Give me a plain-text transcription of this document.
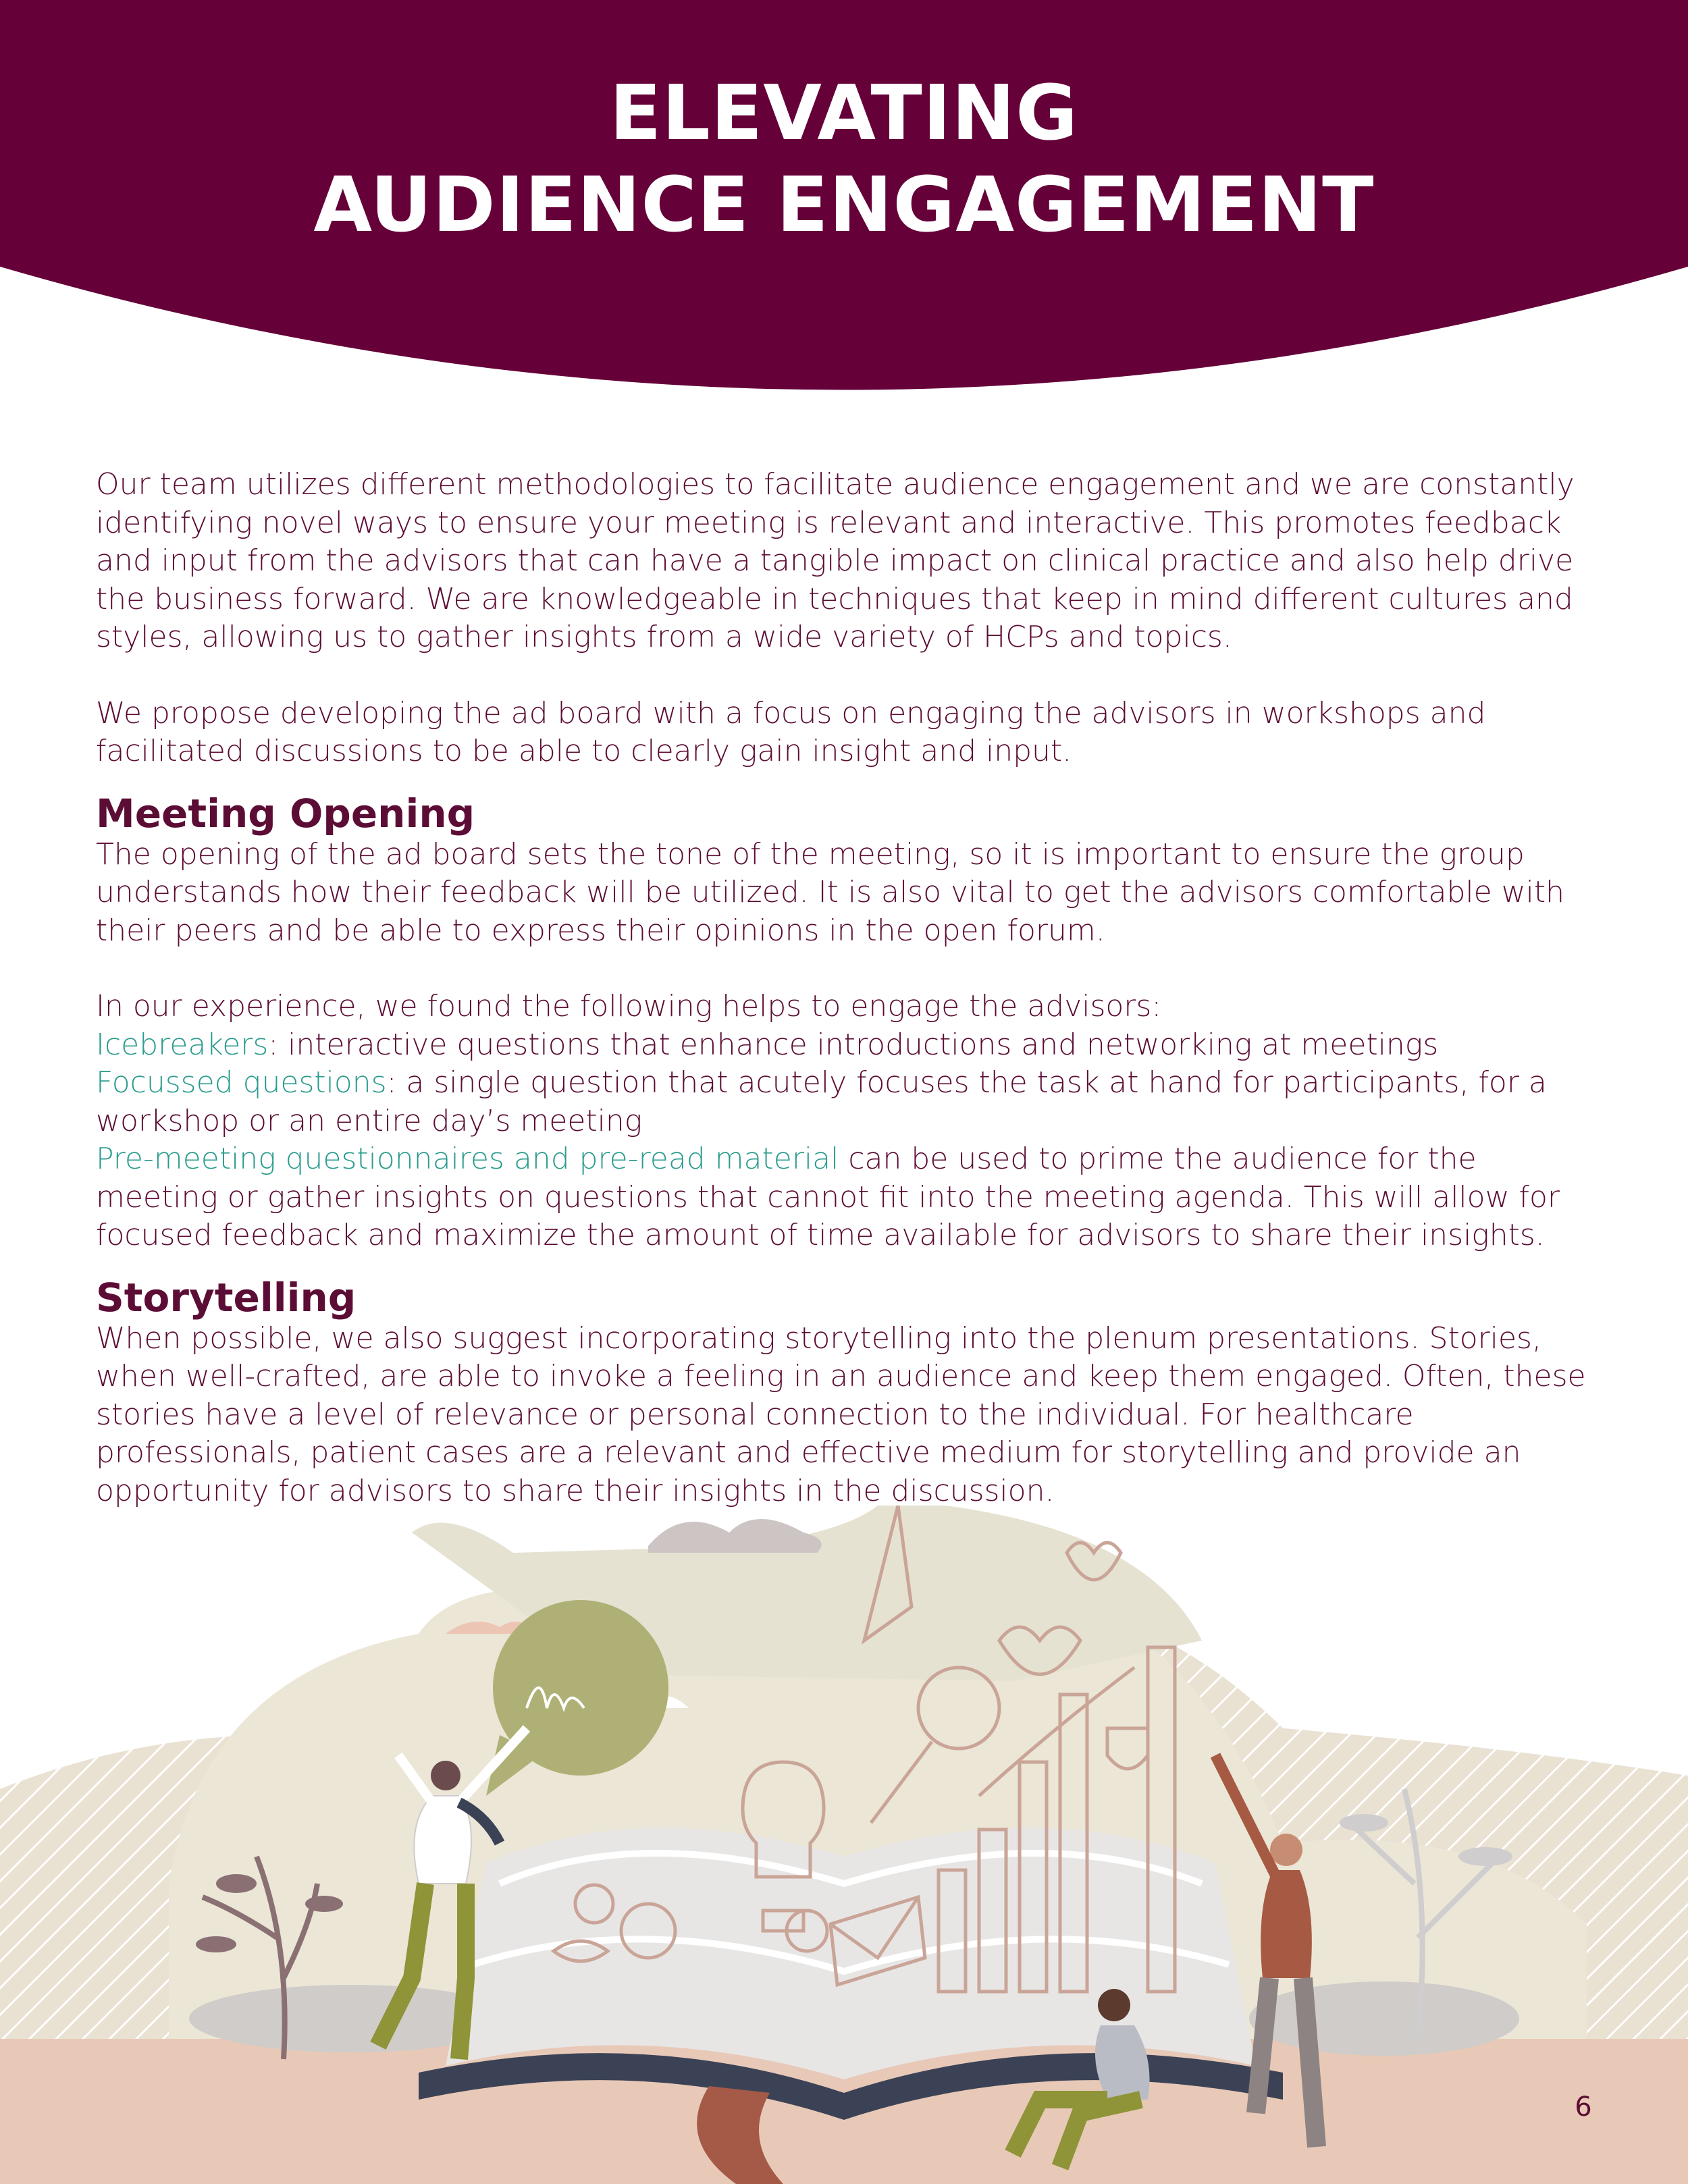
ELEVATING
AUDIENCE ENGAGEMENT

Our team utilizes different methodologies to facilitate audience engagement and we are constantly identifying novel ways to ensure your meeting is relevant and interactive. This promotes feedback and input from the advisors that can have a tangible impact on clinical practice and also help drive the business forward. We are knowledgeable in techniques that keep in mind different cultures and styles, allowing us to gather insights from a wide variety of HCPs and topics.

We propose developing the ad board with a focus on engaging the advisors in workshops and facilitated discussions to be able to clearly gain insight and input.

Meeting Opening

The opening of the ad board sets the tone of the meeting, so it is important to ensure the group understands how their feedback will be utilized. It is also vital to get the advisors comfortable with their peers and be able to express their opinions in the open forum.

In our experience, we found the following helps to engage the advisors:

Icebreakers: interactive questions that enhance introductions and networking at meetings

Focussed questions: a single question that acutely focuses the task at hand for participants, for a workshop or an entire day’s meeting

Pre-meeting questionnaires and pre-read material can be used to prime the audience for the meeting or gather insights on questions that cannot fit into the meeting agenda. This will allow for focused feedback and maximize the amount of time available for advisors to share their insights.

Storytelling

When possible, we also suggest incorporating storytelling into the plenum presentations. Stories, when well-crafted, are able to invoke a feeling in an audience and keep them engaged. Often, these stories have a level of relevance or personal connection to the individual. For healthcare professionals, patient cases are a relevant and effective medium for storytelling and provide an opportunity for advisors to share their insights in the discussion.

6
